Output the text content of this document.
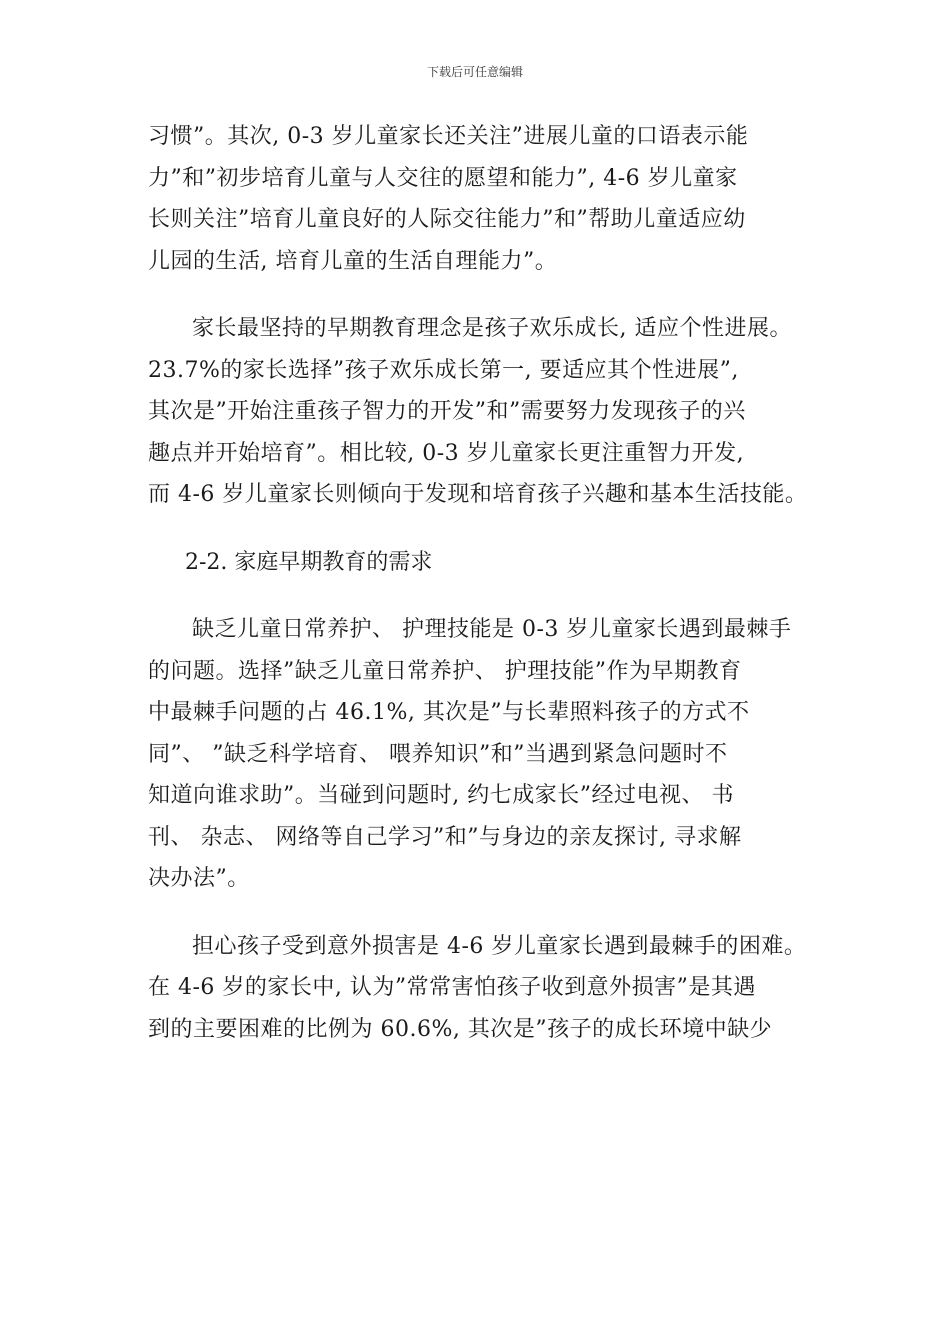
下载后可任意编辑
习惯”。其次, 0-3 岁儿童家长还关注”进展儿童的口语表示能
力”和”初步培育儿童与人交往的愿望和能力”, 4-6 岁儿童家
长则关注”培育儿童良好的人际交往能力”和”帮助儿童适应幼
儿园的生活, 培育儿童的生活自理能力”。
家长最坚持的早期教育理念是孩子欢乐成长, 适应个性进展。
23.7%的家长选择”孩子欢乐成长第一, 要适应其个性进展”,
其次是”开始注重孩子智力的开发”和”需要努力发现孩子的兴
趣点并开始培育”。相比较, 0-3 岁儿童家长更注重智力开发,
而 4-6 岁儿童家长则倾向于发现和培育孩子兴趣和基本生活技能。
2-2. 家庭早期教育的需求
缺乏儿童日常养护、 护理技能是 0-3 岁儿童家长遇到最棘手
的问题。选择”缺乏儿童日常养护、 护理技能”作为早期教育
中最棘手问题的占 46.1%, 其次是”与长辈照料孩子的方式不
同”、 ”缺乏科学培育、 喂养知识”和”当遇到紧急问题时不
知道向谁求助”。当碰到问题时, 约七成家长”经过电视、 书
刊、 杂志、 网络等自己学习”和”与身边的亲友探讨, 寻求解
决办法”。
担心孩子受到意外损害是 4-6 岁儿童家长遇到最棘手的困难。
在 4-6 岁的家长中, 认为”常常害怕孩子收到意外损害”是其遇
到的主要困难的比例为 60.6%, 其次是”孩子的成长环境中缺少
